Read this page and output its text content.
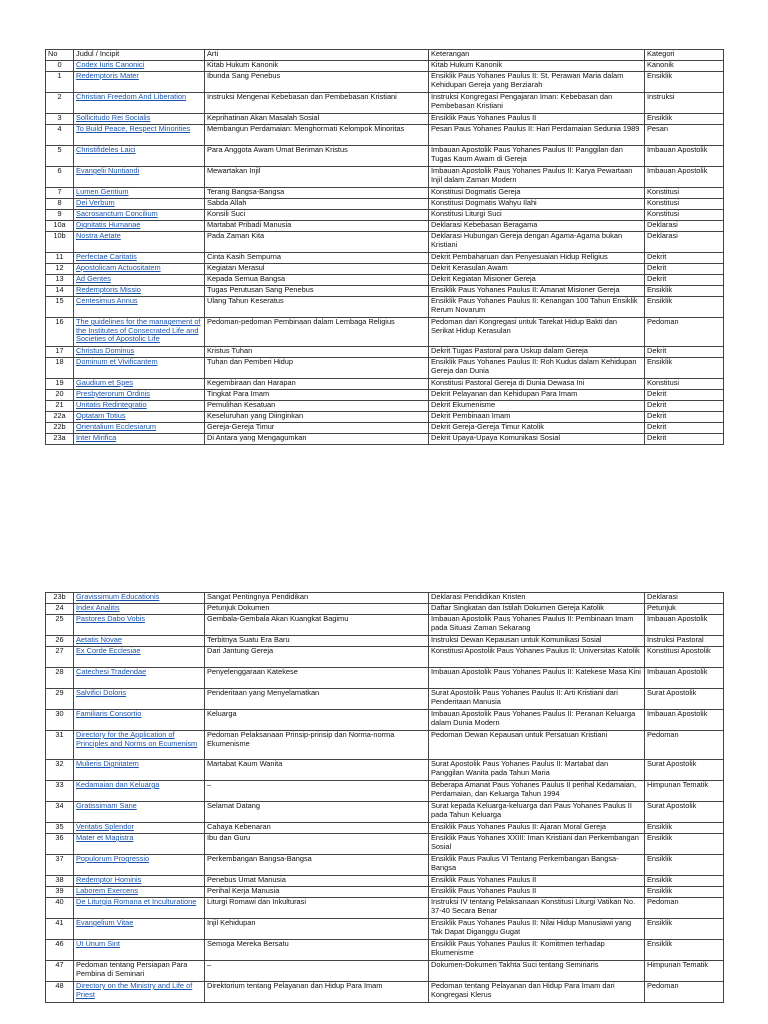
No	Judul / Incipit	Arti	Keterangan	Kategori
0	Codex Iuris Canonici	Kitab Hukum Kanonik	Kitab Hukum Kanonik	Kanonik
1	Redemptoris Mater	Ibunda Sang Penebus	Ensiklik Paus Yohanes Paulus II: St. Perawan Maria dalam Kehidupan Gereja yang Berziarah	Ensiklik
2	Christian Freedom And Liberation	Instruksi Mengenai Kebebasan dan Pembebasan Kristiani	Instruksi Kongregasi Pengajaran Iman: Kebebasan dan Pembebasan Kristiani	Instruksi
3	Sollicitudo Rei Socialis	Keprihatinan Akan Masalah Sosial	Ensiklik Paus Yohanes Paulus II	Ensiklik
4	To Build Peace, Respect Minorities	Membangun Perdamaian: Menghormati Kelompok Minoritas	Pesan Paus Yohanes Paulus II: Hari Perdamaian Sedunia 1989	Pesan
5	Christifideles Laici	Para Anggota Awam Umat Beriman Kristus	Imbauan Apostolik Paus Yohanes Paulus II: Panggilan dan Tugas Kaum Awam di Gereja	Imbauan Apostolik
6	Evangelii Nuntiandi	Mewartakan Injil	Imbauan Apostolik Paus Yohanes Paulus II: Karya Pewartaan Injil dalam Zaman Modern	Imbauan Apostolik
7	Lumen Gentium	Terang Bangsa-Bangsa	Konstitusi Dogmatis Gereja	Konstitusi
8	Dei Verbum	Sabda Allah	Konstitusi Dogmatis Wahyu Ilahi	Konstitusi
9	Sacrosanctum Concilium	Konsili Suci	Konstitusi Liturgi Suci	Konstitusi
10a	Dignitatis Humanae	Martabat Pribadi Manusia	Deklarasi Kebebasan Beragama	Deklarasi
10b	Nostra Aetate	Pada Zaman Kita	Deklarasi Hubungan Gereja dengan Agama-Agama bukan Kristiani	Deklarasi
11	Perfectae Caritatis	Cinta Kasih Sempurna	Dekrit Pembaharuan dan Penyesuaian Hidup Religius	Dekrit
12	Apostolicam Actuositatem	Kegiatan Merasul	Dekrit Kerasulan Awam	Dekrit
13	Ad Gentes	Kepada Semua Bangsa	Dekrit Kegiatan Misioner Gereja	Dekrit
14	Redemptoris Missio	Tugas Perutusan Sang Penebus	Ensiklik Paus Yohanes Paulus II: Amanat Misioner Gereja	Ensiklik
15	Centesimus Annus	Ulang Tahun Keseratus	Ensiklik Paus Yohanes Paulus II: Kenangan 100 Tahun Ensiklik Rerum Novarum	Ensiklik
16	The guidelines for the management of the Institutes of Consecrated Life and Societies of Apostolic Life	Pedoman-pedoman Pembinaan dalam Lembaga Religius	Pedoman dari Kongregasi untuk Tarekat Hidup Bakti dan Serikat Hidup Kerasulan	Pedoman
17	Christus Dominus	Kristus Tuhan	Dekrit Tugas Pastoral para Uskup dalam Gereja	Dekrit
18	Dominum et Vivificantem	Tuhan dan Pemberi Hidup	Ensiklik Paus Yohanes Paulus II: Roh Kudus dalam Kehidupan Gereja dan Dunia	Ensiklik
19	Gaudium et Spes	Kegembiraan dan Harapan	Konstitusi Pastoral Gereja di Dunia Dewasa Ini	Konstitusi
20	Presbyterorum Ordinis	Tingkat Para Imam	Dekrit Pelayanan dan Kehidupan Para Imam	Dekrit
21	Unitatis Redintegratio	Pemulihan Kesatuan	Dekrit Ekumenisme	Dekrit
22a	Optatam Totius	Keseluruhan yang Diinginkan	Dekrit Pembinaan Imam	Dekrit
22b	Orientalium Ecclesiarum	Gereja-Gereja Timur	Dekrit Gereja-Gereja Timur Katolik	Dekrit
23a	Inter Mirifica	Di Antara yang Mengagumkan	Dekrit Upaya-Upaya Komunikasi Sosial	Dekrit
23b	Gravissimum Educationis	Sangat Pentingnya Pendidikan	Deklarasi Pendidikan Kristen	Deklarasi
24	Index Analitis	Petunjuk Dokumen	Daftar Singkatan dan Istilah Dokumen Gereja Katolik	Petunjuk
25	Pastores Dabo Vobis	Gembala-Gembala Akan Kuangkat Bagimu	Imbauan Apostolik Paus Yohanes Paulus II: Pembinaan Imam pada Situasi Zaman Sekarang	Imbauan Apostolik
26	Aetatis Novae	Terbitnya Suatu Era Baru	Instruksi Dewan Kepausan untuk Komunikasi Sosial	Instruksi Pastoral
27	Ex Corde Ecclesiae	Dari Jantung Gereja	Konstitusi Apostolik Paus Yohanes Paulus II: Universitas Katolik	Konstitusi Apostolik
28	Catechesi Tradendae	Penyelenggaraan Katekese	Imbauan Apostolik Paus Yohanes Paulus II: Katekese Masa Kini	Imbauan Apostolik
29	Salvifici Doloris	Penderitaan yang Menyelamatkan	Surat Apostolik Paus Yohanes Paulus II: Arti Kristiani dari Penderitaan Manusia	Surat Apostolik
30	Familiaris Consortio	Keluarga	Imbauan Apostolik Paus Yohanes Paulus II: Peranan Keluarga dalam Dunia Modern	Imbauan Apostolik
31	Directory for the Application of Principles and Norms on Ecumenism	Pedoman Pelaksanaan Prinsip-prinsip dan Norma-norma Ekumenisme	Pedoman Dewan Kepausan untuk Persatuan Kristiani	Pedoman
32	Mulieris Dignitatem	Martabat Kaum Wanita	Surat Apostolik Paus Yohanes Paulus II: Martabat dan Panggilan Wanita pada Tahun Maria	Surat Apostolik
33	Kedamaian dan Keluarga	–	Beberapa Amanat Paus Yohanes Paulus II perihal Kedamaian, Perdamaian, dan Keluarga Tahun 1994	Himpunan Tematik
34	Gratissimam Sane	Selamat Datang	Surat kepada Keluarga-keluarga dari Paus Yohanes Paulus II pada Tahun Keluarga	Surat Apostolik
35	Veritatis Splendor	Cahaya Kebenaran	Ensiklik Paus Yohanes Paulus II: Ajaran Moral Gereja	Ensiklik
36	Mater et Magistra	Ibu dan Guru	Ensiklik Paus Yohanes XXIII: Iman Kristiani dan Perkembangan Sosial	Ensiklik
37	Populorum Progressio	Perkembangan Bangsa-Bangsa	Ensiklik Paus Paulus VI Tentang Perkembangan Bangsa-Bangsa	Ensiklik
38	Redemptor Hominis	Penebus Umat Manusia	Ensiklik Paus Yohanes Paulus II	Ensiklik
39	Laborem Exercens	Perihal Kerja Manusia	Ensiklik Paus Yohanes Paulus II	Ensiklik
40	De Liturgia Romana et Inculturatione	Liturgi Romawi dan Inkulturasi	Instruksi IV tentang Pelaksanaan Konstitusi Liturgi Vatikan No. 37-40 Secara Benar	Pedoman
41	Evangelium Vitae	Injil Kehidupan	Ensiklik Paus Yohanes Paulus II: Nilai Hidup Manusiawi yang Tak Dapat Diganggu Gugat	Ensiklik
46	Ut Unum Sint	Semoga Mereka Bersatu	Ensiklik Paus Yohanes Paulus II: Komitmen terhadap Ekumenisme	Ensiklik
47	Pedoman tentang Persiapan Para Pembina di Seminari	–	Dokumen-Dokumen Takhta Suci tentang Seminaris	Himpunan Tematik
48	Directory on the Ministry and Life of Priest	Direktorium tentang Pelayanan dan Hidup Para Imam	Pedoman tentang Pelayanan dan Hidup Para Imam dari Kongregasi Klerus	Pedoman
